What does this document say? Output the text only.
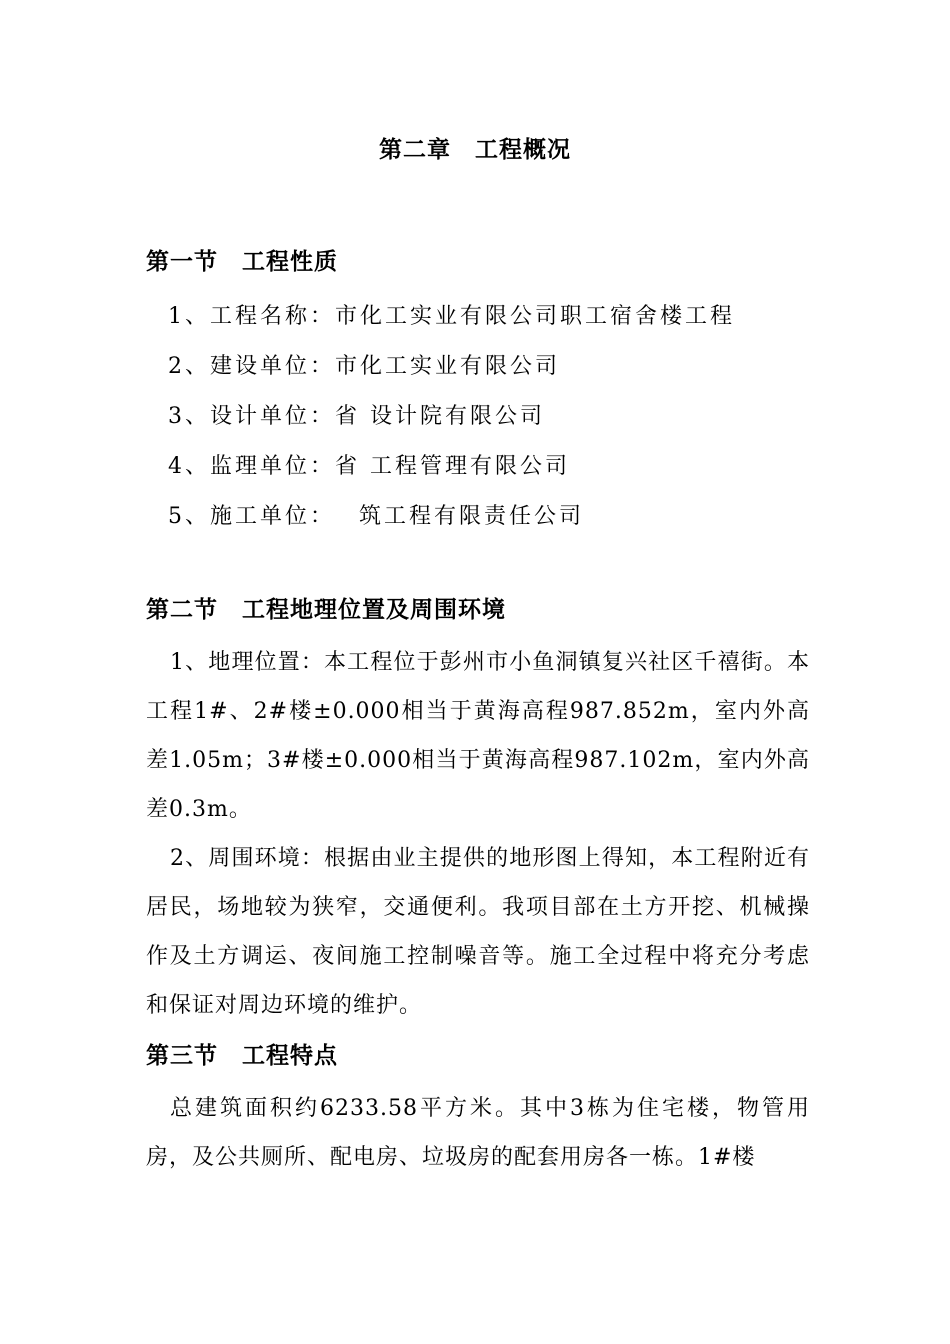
第二章　工程概况
第一节　工程性质
1、工程名称：市化工实业有限公司职工宿舍楼工程
2、建设单位：市化工实业有限公司
3、设计单位：省 设计院有限公司
4、监理单位：省 工程管理有限公司
5、施工单位：　 筑工程有限责任公司
第二节　工程地理位置及周围环境

1、地理位置：本工程位于彭州市小鱼洞镇复兴社区千禧街。本工程1#、2#楼±0.000相当于黄海高程987.852m，室内外高差1.05m；3#楼±0.000相当于黄海高程987.102m，室内外高差0.3m。

2、周围环境：根据由业主提供的地形图上得知，本工程附近有居民，场地较为狭窄，交通便利。我项目部在土方开挖、机械操作及土方调运、夜间施工控制噪音等。施工全过程中将充分考虑和保证对周边环境的维护。

第三节　工程特点

总建筑面积约6233.58平方米。其中3栋为住宅楼，物管用房，及公共厕所、配电房、垃圾房的配套用房各一栋。1#楼
